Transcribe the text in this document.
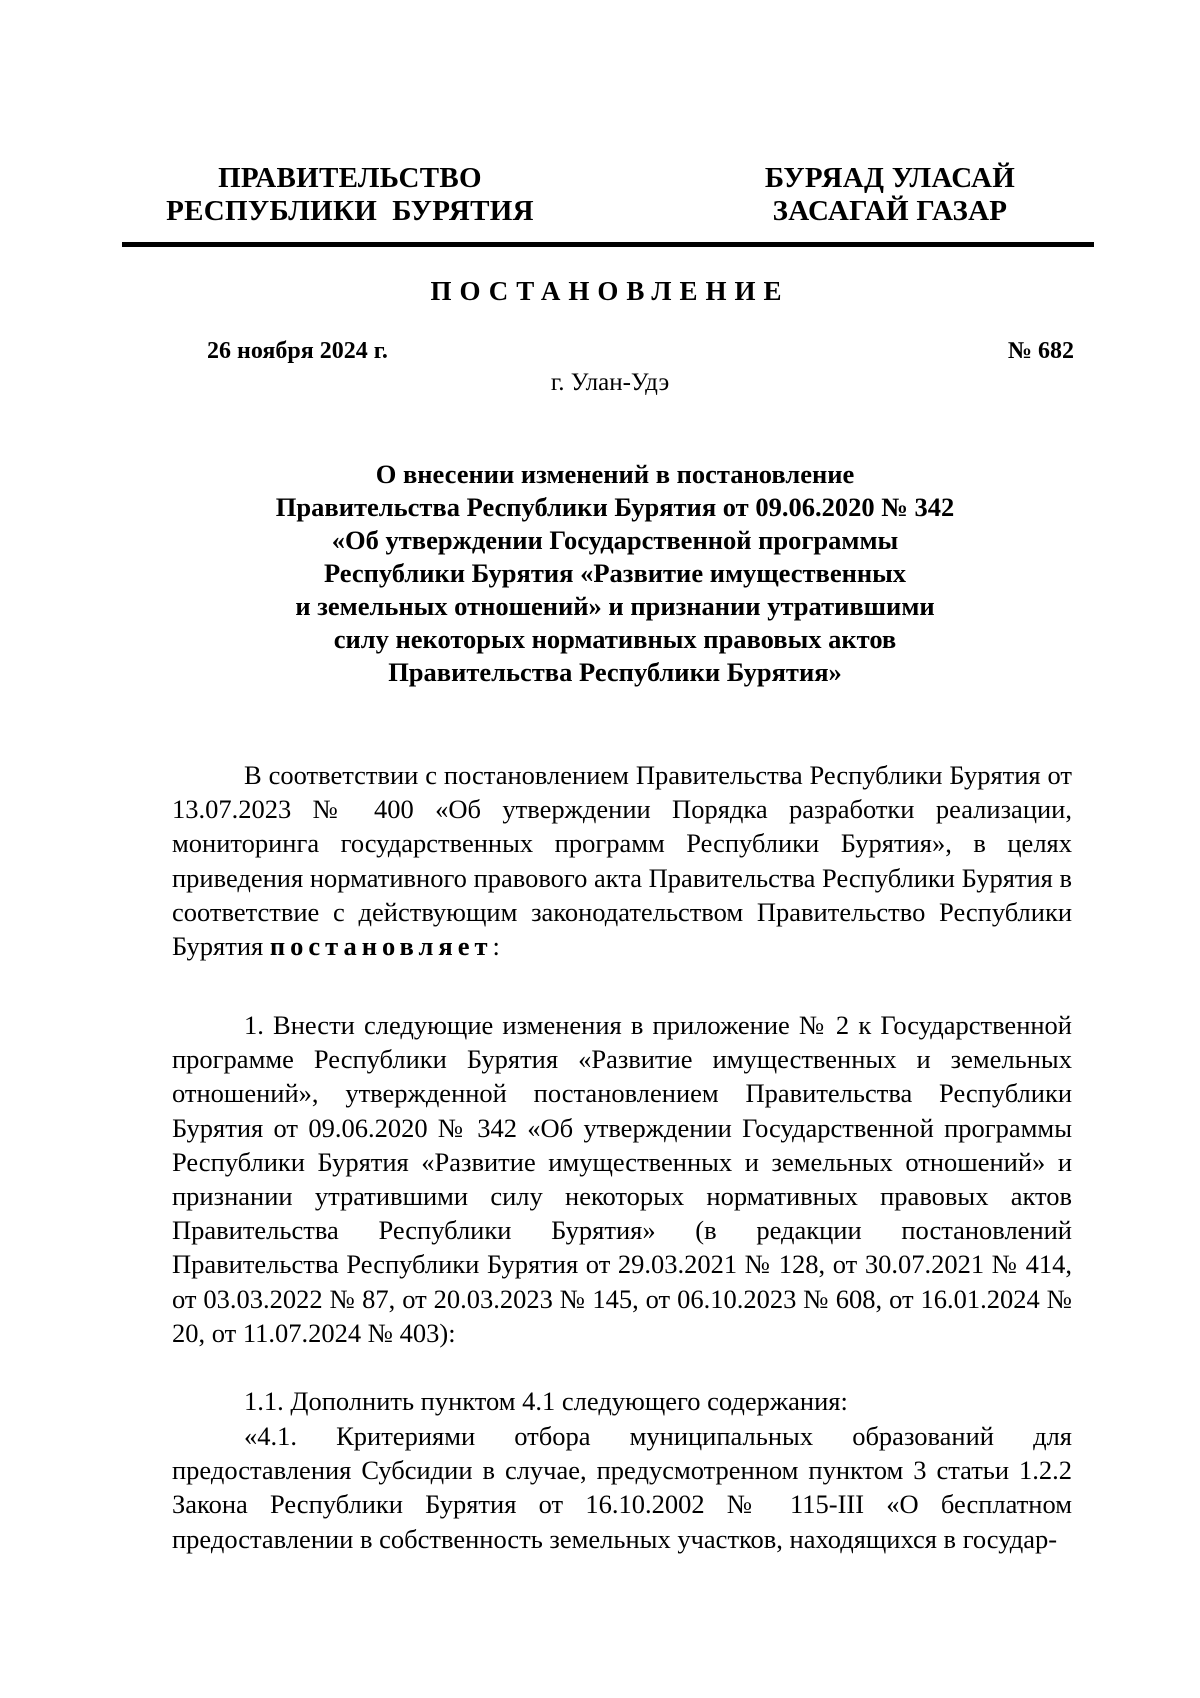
ПРАВИТЕЛЬСТВО
РЕСПУБЛИКИ  БУРЯТИЯ
БУРЯАД УЛАСАЙ
ЗАСАГАЙ ГАЗАР
ПОСТАНОВЛЕНИЕ
26 ноября 2024 г.	№ 682
г. Улан-Удэ
О внесении изменений в постановление
Правительства Республики Бурятия от 09.06.2020 № 342
«Об утверждении Государственной программы
Республики Бурятия «Развитие имущественных
и земельных отношений» и признании утратившими
силу некоторых нормативных правовых актов
Правительства Республики Бурятия»

В соответствии с постановлением Правительства Республики Бурятия от 13.07.2023 № 400 «Об утверждении Порядка разработки реализации, мониторинга государственных программ Республики Бурятия», в целях приведения нормативного правового акта Правительства Республики Бурятия в соответствие с действующим законодательством Правительство Республики Бурятия постановляет:

1. Внести следующие изменения в приложение № 2 к Государственной программе Республики Бурятия «Развитие имущественных и земельных отношений», утвержденной постановлением Правительства Республики Бурятия от 09.06.2020 № 342 «Об утверждении Государственной программы Республики Бурятия «Развитие имущественных и земельных отношений» и признании утратившими силу некоторых нормативных правовых актов Правительства Республики Бурятия» (в редакции постановлений Правительства Республики Бурятия от 29.03.2021 № 128, от 30.07.2021 № 414, от 03.03.2022 № 87, от 20.03.2023 № 145, от 06.10.2023 № 608, от 16.01.2024 № 20, от 11.07.2024 № 403):

1.1. Дополнить пунктом 4.1 следующего содержания:

«4.1. Критериями отбора муниципальных образований для предоставления Субсидии в случае, предусмотренном пунктом 3 статьи 1.2.2 Закона Республики Бурятия от 16.10.2002 № 115-III «О бесплатном предоставлении в собственность земельных участков, находящихся в государ-
